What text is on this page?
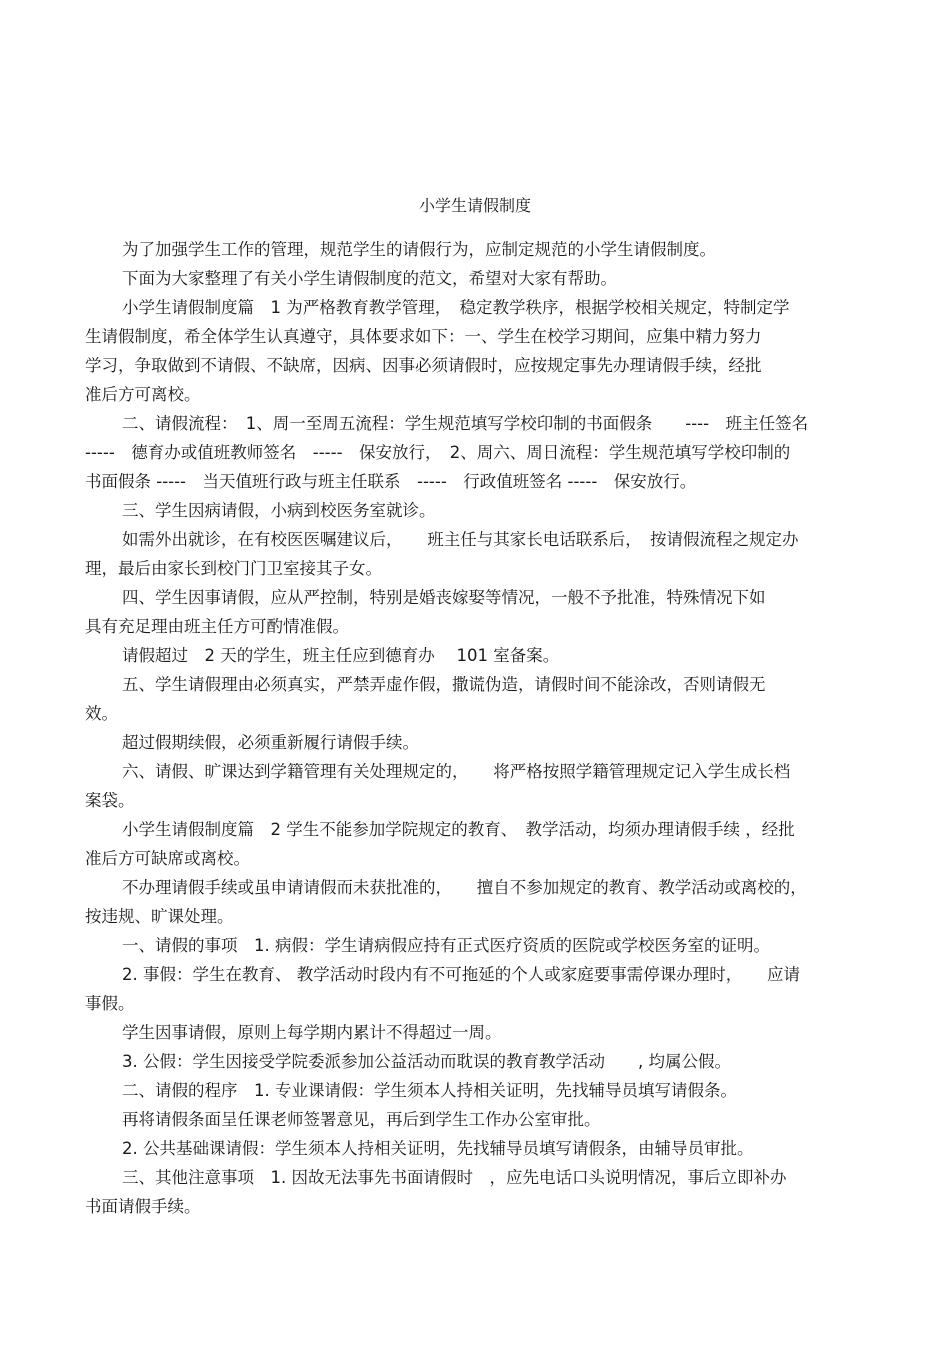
小学生请假制度
为了加强学生工作的管理，规范学生的请假行为，应制定规范的小学生请假制度。
下面为大家整理了有关小学生请假制度的范文，希望对大家有帮助。
小学生请假制度篇　1 为严格教育教学管理，　稳定教学秩序，根据学校相关规定，特制定学
生请假制度，希全体学生认真遵守，具体要求如下：一、学生在校学习期间，应集中精力努力
学习，争取做到不请假、不缺席，因病、因事必须请假时，应按规定事先办理请假手续，经批
准后方可离校。
二、请假流程：　1、周一至周五流程：学生规范填写学校印制的书面假条　　----　班主任签名
-----　德育办或值班教师签名　-----　保安放行，　2、周六、周日流程：学生规范填写学校印制的
书面假条 -----　当天值班行政与班主任联系　-----　行政值班签名 -----　保安放行。
三、学生因病请假，小病到校医务室就诊。
如需外出就诊，在有校医医嘱建议后，　　班主任与其家长电话联系后，　按请假流程之规定办
理，最后由家长到校门门卫室接其子女。
四、学生因事请假，应从严控制，特别是婚丧嫁娶等情况，一般不予批准，特殊情况下如
具有充足理由班主任方可酌情准假。
请假超过　2 天的学生，班主任应到德育办　 101 室备案。
五、学生请假理由必须真实，严禁弄虚作假，撒谎伪造，请假时间不能涂改，否则请假无
效。
超过假期续假，必须重新履行请假手续。
六、请假、旷课达到学籍管理有关处理规定的，　　将严格按照学籍管理规定记入学生成长档
案袋。
小学生请假制度篇　2 学生不能参加学院规定的教育、　教学活动，均须办理请假手续 ，经批
准后方可缺席或离校。
不办理请假手续或虽申请请假而未获批准的，　　擅自不参加规定的教育、教学活动或离校的，
按违规、旷课处理。
一、请假的事项　1. 病假：学生请病假应持有正式医疗资质的医院或学校医务室的证明。
2. 事假：学生在教育、 教学活动时段内有不可拖延的个人或家庭要事需停课办理时，　　应请
事假。
学生因事请假，原则上每学期内累计不得超过一周。
3. 公假：学生因接受学院委派参加公益活动而耽误的教育教学活动　　, 均属公假。
二、请假的程序　1. 专业课请假：学生须本人持相关证明，先找辅导员填写请假条。
再将请假条面呈任课老师签署意见，再后到学生工作办公室审批。
2. 公共基础课请假：学生须本人持相关证明，先找辅导员填写请假条，由辅导员审批。
三、其他注意事项　1. 因故无法事先书面请假时　，应先电话口头说明情况，事后立即补办
书面请假手续。
